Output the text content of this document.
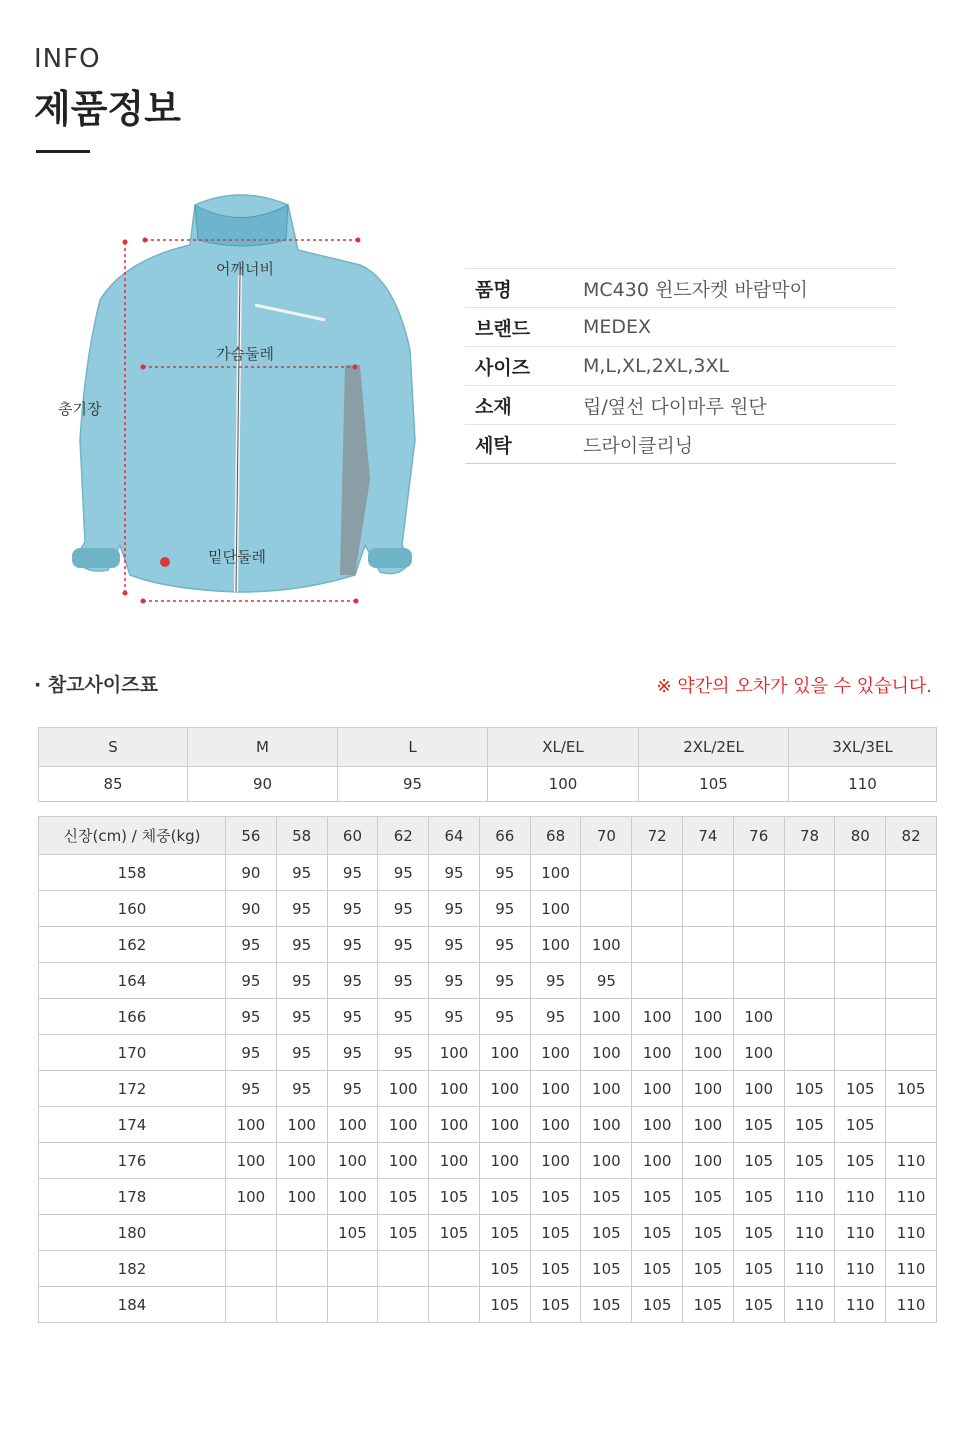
INFO
제품정보
어깨너비
가슴둘레
총기장
밑단둘레
품명	MC430 윈드자켓 바람막이
브랜드	MEDEX
사이즈	M,L,XL,2XL,3XL
소재	립/옆선 다이마루 원단
세탁	드라이클리닝
· 참고사이즈표	※ 약간의 오차가 있을 수 있습니다.
S	M	L	XL/EL	2XL/2EL	3XL/3EL
85	90	95	100	105	110
신장(cm) / 체중(kg)	56	58	60	62	64	66	68	70	72	74	76	78	80	82
158	90	95	95	95	95	95	100							
160	90	95	95	95	95	95	100							
162	95	95	95	95	95	95	100	100						
164	95	95	95	95	95	95	95	95						
166	95	95	95	95	95	95	95	100	100	100	100			
170	95	95	95	95	100	100	100	100	100	100	100			
172	95	95	95	100	100	100	100	100	100	100	100	105	105	105
174	100	100	100	100	100	100	100	100	100	100	105	105	105	
176	100	100	100	100	100	100	100	100	100	100	105	105	105	110
178	100	100	100	105	105	105	105	105	105	105	105	110	110	110
180			105	105	105	105	105	105	105	105	105	110	110	110
182						105	105	105	105	105	105	110	110	110
184						105	105	105	105	105	105	110	110	110
